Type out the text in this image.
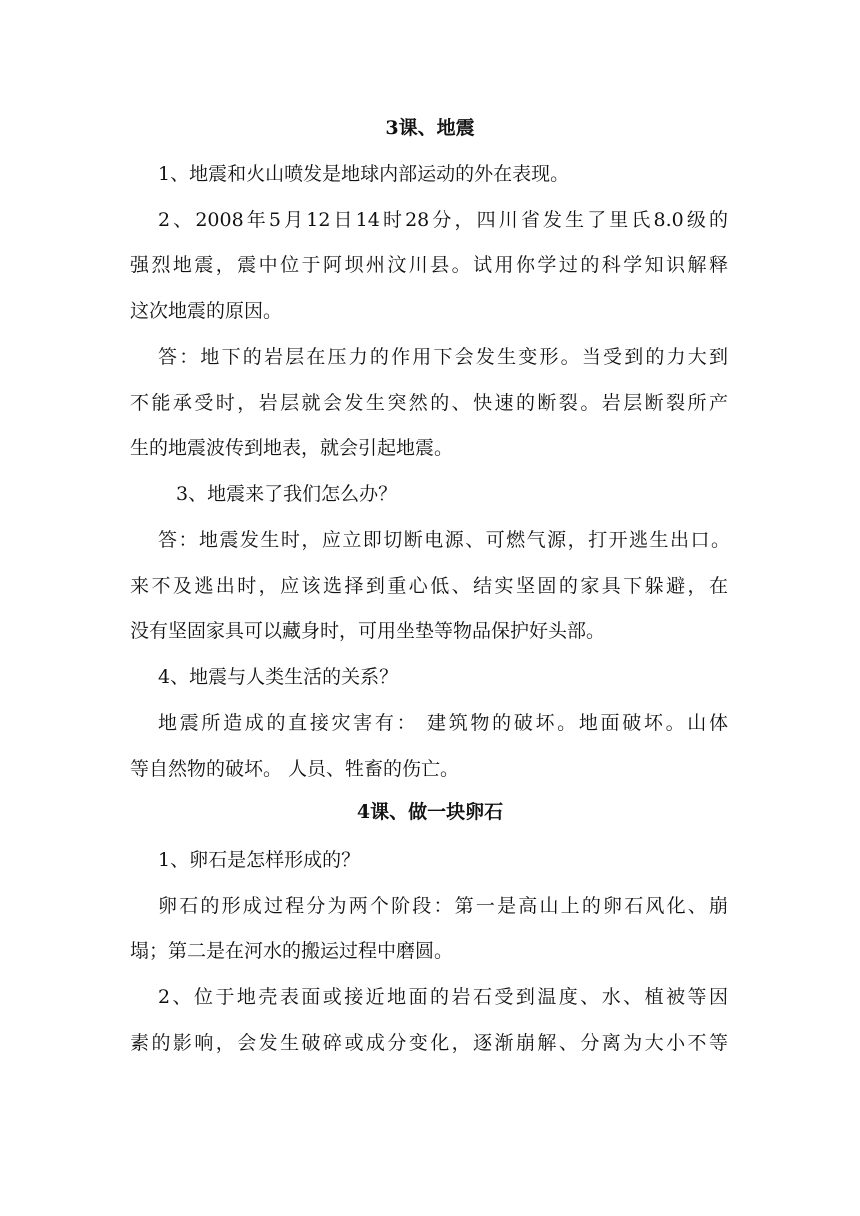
3课、地震

1、地震和火山喷发是地球内部运动的外在表现。

2、2008年5月12日14时28分，四川省发生了里氏8.0级的

强烈地震，震中位于阿坝州汶川县。试用你学过的科学知识解释

这次地震的原因。

答：地下的岩层在压力的作用下会发生变形。当受到的力大到

不能承受时，岩层就会发生突然的、快速的断裂。岩层断裂所产

生的地震波传到地表，就会引起地震。

3、地震来了我们怎么办？

答：地震发生时，应立即切断电源、可燃气源，打开逃生出口。

来不及逃出时，应该选择到重心低、结实坚固的家具下躲避，在

没有坚固家具可以藏身时，可用坐垫等物品保护好头部。

4、地震与人类生活的关系？

地震所造成的直接灾害有： 建筑物的破坏。地面破坏。山体

等自然物的破坏。 人员、牲畜的伤亡。

4课、做一块卵石

1、卵石是怎样形成的？

卵石的形成过程分为两个阶段：第一是高山上的卵石风化、崩

塌；第二是在河水的搬运过程中磨圆。

2、位于地壳表面或接近地面的岩石受到温度、水、植被等因

素的影响，会发生破碎或成分变化，逐渐崩解、分离为大小不等
